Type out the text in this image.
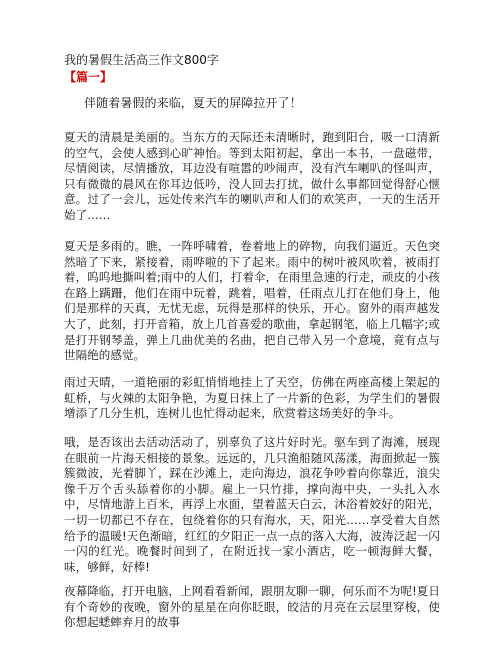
我的暑假生活高三作文800字
【篇一】

伴随着暑假的来临，夏天的屏障拉开了！

夏天的清晨是美丽的。当东方的天际还未清晰时，跑到阳台，吸一口清新的空气，会使人感到心旷神怡。等到太阳初起，拿出一本书，一盘磁带，尽情阅读，尽情播放，耳边没有喧嚣的吵闹声，没有汽车喇叭的怪叫声，只有微微的晨风在你耳边低吟，没人回去打扰，做什么事都回觉得舒心惬意。过了一会儿，远处传来汽车的喇叭声和人们的欢笑声，一天的生活开始了……

夏天是多雨的。瞧，一阵呼啸着，卷着地上的碎物，向我们逼近。天色突然暗了下来，紧接着，雨哗啦的下了起来。雨中的树叶被风吹着，被雨打着，呜呜地撕叫着;雨中的人们，打着伞，在雨里急速的行走，顽皮的小孩在路上蹒跚，他们在雨中玩着，跳着，唱着，任雨点儿打在他们身上，他们是那样的天真，无忧无虑，玩得是那样的快乐，开心。窗外的雨声越发大了，此刻，打开音箱，放上几首喜爱的歌曲，拿起钢笔，临上几幅字;或是打开钢琴盖，弹上几曲优美的名曲，把自己带入另一个意境，竟有点与世隔绝的感觉。

雨过天晴，一道艳丽的彩虹悄悄地挂上了天空，仿佛在两座高楼上架起的虹桥，与火辣的太阳争艳，为夏日抹上了一片新的色彩，为学生们的暑假增添了几分生机，连树儿也忙得动起来，欣赏着这场美好的争斗。

哦，是否该出去活动活动了，别辜负了这片好时光。驱车到了海滩，展现在眼前一片海天相接的景象。远远的，几只渔船随风荡漾，海面掀起一簇簇微波，光着脚丫，踩在沙滩上，走向海边，浪花争吵着向你靠近，浪尖像千万个舌头舔着你的小脚。雇上一只竹排，撑向海中央，一头扎入水中，尽情地游上百米，再浮上水面，望着蓝天白云，沐浴着姣好的阳光，一切一切都已不存在，包绕着你的只有海水，天，阳光……享受着大自然给予的温暖!天色渐暗，红红的夕阳正一点一点的落入大海，波涛泛起一闪一闪的红光。晚餐时间到了，在附近找一家小酒店，吃一顿海鲜大餐，味，够鲜，好棒!

夜幕降临，打开电脑，上网看看新闻，跟朋友聊一聊，何乐而不为呢!夏日有个奇妙的夜晚，窗外的星星在向你眨眼，皎洁的月亮在云层里穿梭，使你想起蟋蟀弃月的故事
